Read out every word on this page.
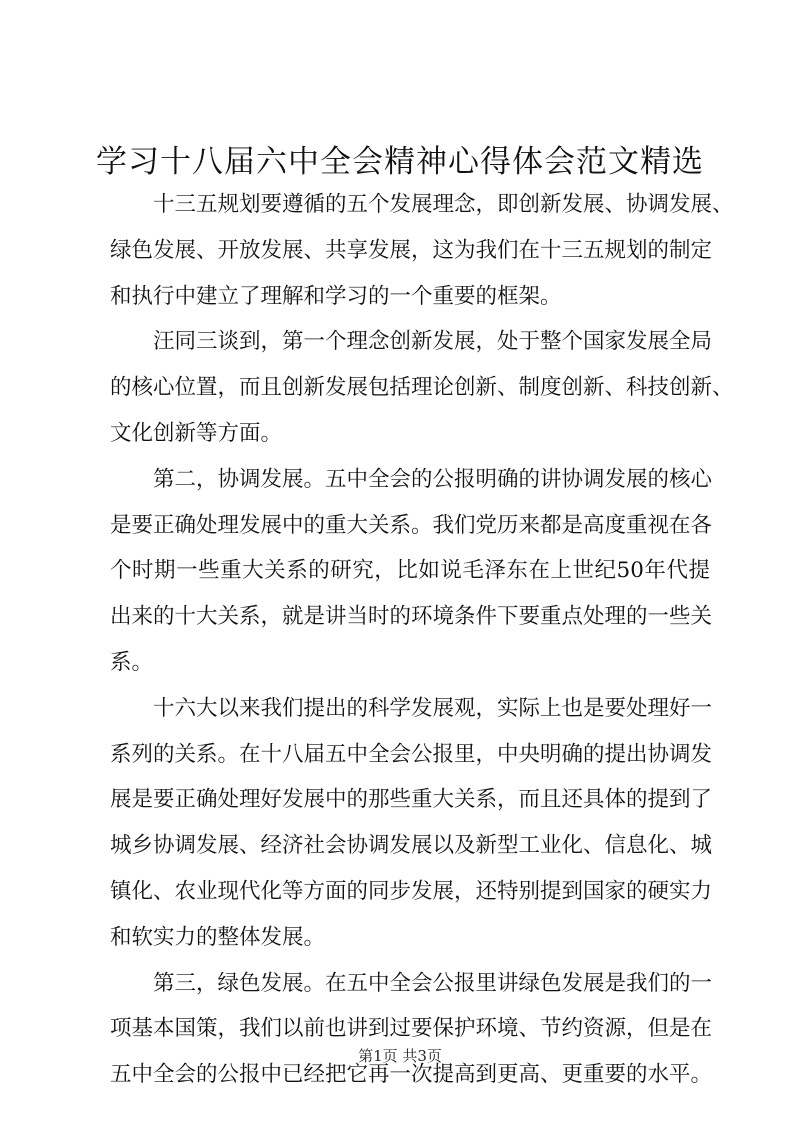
学习十八届六中全会精神心得体会范文精选

十三五规划要遵循的五个发展理念，即创新发展、协调发展、
绿色发展、开放发展、共享发展，这为我们在十三五规划的制定
和执行中建立了理解和学习的一个重要的框架。

汪同三谈到，第一个理念创新发展，处于整个国家发展全局
的核心位置，而且创新发展包括理论创新、制度创新、科技创新、
文化创新等方面。

第二，协调发展。五中全会的公报明确的讲协调发展的核心
是要正确处理发展中的重大关系。我们党历来都是高度重视在各
个时期一些重大关系的研究，比如说毛泽东在上世纪50年代提
出来的十大关系，就是讲当时的环境条件下要重点处理的一些关
系。

十六大以来我们提出的科学发展观，实际上也是要处理好一
系列的关系。在十八届五中全会公报里，中央明确的提出协调发
展是要正确处理好发展中的那些重大关系，而且还具体的提到了
城乡协调发展、经济社会协调发展以及新型工业化、信息化、城
镇化、农业现代化等方面的同步发展，还特别提到国家的硬实力
和软实力的整体发展。

第三，绿色发展。在五中全会公报里讲绿色发展是我们的一
项基本国策，我们以前也讲到过要保护环境、节约资源，但是在
五中全会的公报中已经把它再一次提高到更高、更重要的水平。

第1页 共3页
